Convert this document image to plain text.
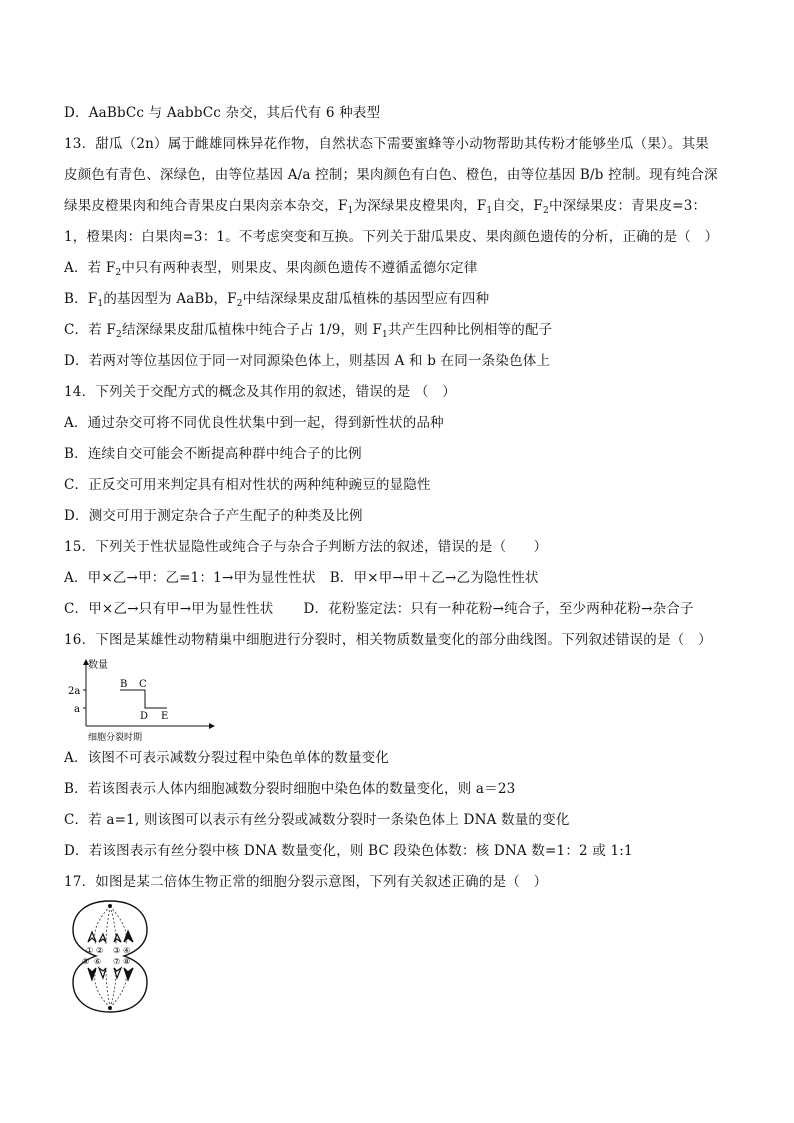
D．AaBbCc 与 AabbCc 杂交，其后代有 6 种表型
13．甜瓜（2n）属于雌雄同株异花作物，自然状态下需要蜜蜂等小动物帮助其传粉才能够坐瓜（果）。其果
皮颜色有青色、深绿色，由等位基因 A/a 控制；果肉颜色有白色、橙色，由等位基因 B/b 控制。现有纯合深
绿果皮橙果肉和纯合青果皮白果肉亲本杂交，$F_1$为深绿果皮橙果肉，$F_1$自交，$F_2$中深绿果皮：青果皮=3：
1，橙果肉：白果肉=3：1。不考虑突变和互换。下列关于甜瓜果皮、果肉颜色遗传的分析，正确的是（　）
A．若 $F_2$中只有两种表型，则果皮、果肉颜色遗传不遵循孟德尔定律
B．$F_1$的基因型为 AaBb，$F_2$中结深绿果皮甜瓜植株的基因型应有四种
C．若 $F_2$结深绿果皮甜瓜植株中纯合子占 1/9，则 $F_1$共产生四种比例相等的配子
D．若两对等位基因位于同一对同源染色体上，则基因 A 和 b 在同一条染色体上
14．下列关于交配方式的概念及其作用的叙述，错误的是 （　）
A．通过杂交可将不同优良性状集中到一起，得到新性状的品种
B．连续自交可能会不断提高种群中纯合子的比例
C．正反交可用来判定具有相对性状的两种纯种豌豆的显隐性
D．测交可用于测定杂合子产生配子的种类及比例
15．下列关于性状显隐性或纯合子与杂合子判断方法的叙述，错误的是（　　）
A．甲×乙→甲：乙=1：1→甲为显性性状 B．甲×甲→甲＋乙→乙为隐性性状
C．甲×乙→只有甲→甲为显性性状 D．花粉鉴定法：只有一种花粉→纯合子，至少两种花粉→杂合子
16．下图是某雄性动物精巢中细胞进行分裂时，相关物质数量变化的部分曲线图。下列叙述错误的是（　）
数量
2a
a
B C
D E
细胞分裂时期
A．该图不可表示减数分裂过程中染色单体的数量变化
B．若该图表示人体内细胞减数分裂时细胞中染色体的数量变化，则 a＝23
C．若 a=1, 则该图可以表示有丝分裂或减数分裂时一条染色体上 DNA 数量的变化
D．若该图表示有丝分裂中核 DNA 数量变化，则 BC 段染色体数：核 DNA 数=1：2 或 1:1
17．如图是某二倍体生物正常的细胞分裂示意图，下列有关叙述正确的是（　）
① ② ③ ④
⑤ ⑥ ⑦ ⑧
